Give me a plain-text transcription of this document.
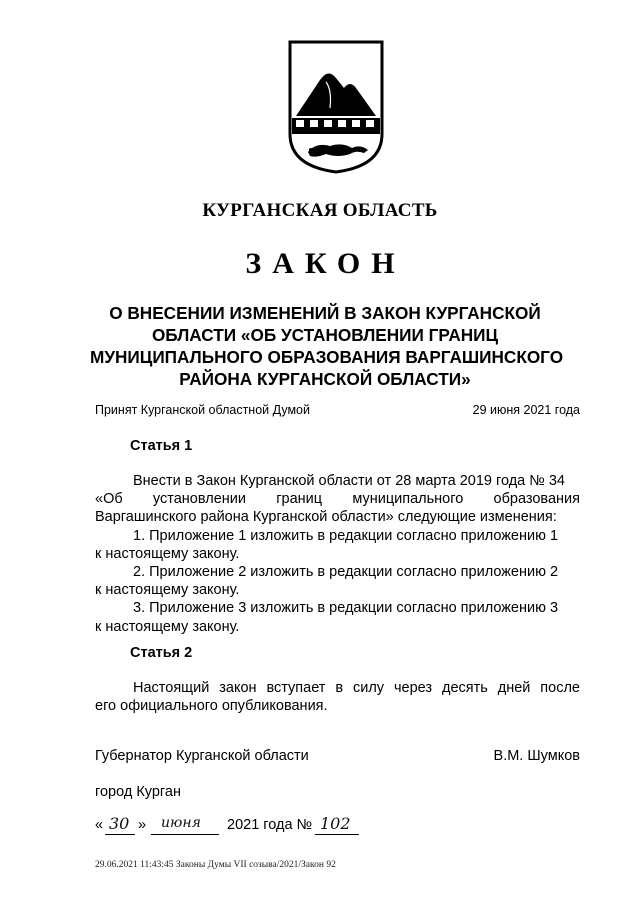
КУРГАНСКАЯ ОБЛАСТЬ
ЗАКОН
О ВНЕСЕНИИ ИЗМЕНЕНИЙ В ЗАКОН КУРГАНСКОЙ
ОБЛАСТИ «ОБ УСТАНОВЛЕНИИ ГРАНИЦ
МУНИЦИПАЛЬНОГО ОБРАЗОВАНИЯ ВАРГАШИНСКОГО
РАЙОНА КУРГАНСКОЙ ОБЛАСТИ»
Принят Курганской областной Думой	29 июня 2021 года
Статья 1
Внести в Закон Курганской области от 28 марта 2019 года № 34
«Об установлении границ муниципального образования
Варгашинского района Курганской области» следующие изменения:
1. Приложение 1 изложить в редакции согласно приложению 1
к настоящему закону.
2. Приложение 2 изложить в редакции согласно приложению 2
к настоящему закону.
3. Приложение 3 изложить в редакции согласно приложению 3
к настоящему закону.
Статья 2
Настоящий закон вступает в силу через десять дней после
его официального опубликования.
Губернатор Курганской области	В.М. Шумков
город Курган
« 30 » июня 2021 года № 102
29.06.2021 11:43:45 Законы Думы VII созыва/2021/Закон 92
